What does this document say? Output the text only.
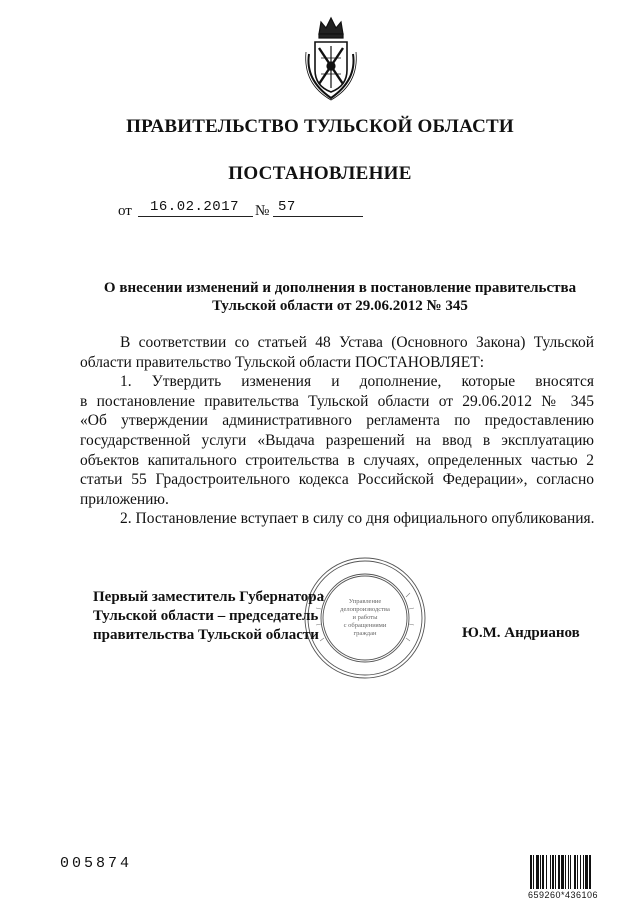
ПРАВИТЕЛЬСТВО ТУЛЬСКОЙ ОБЛАСТИ
ПОСТАНОВЛЕНИЕ
от 16.02.2017 № 57
О внесении изменений и дополнения в постановление правительства
Тульской области от 29.06.2012 № 345
В соответствии со статьей 48 Устава (Основного Закона) Тульской
области правительство Тульской области ПОСТАНОВЛЯЕТ:
1. Утвердить изменения и дополнение, которые вносятся
в постановление правительства Тульской области от 29.06.2012 № 345
«Об утверждении административного регламента по предоставлению
государственной услуги «Выдача разрешений на ввод в эксплуатацию
объектов капитального строительства в случаях, определенных частью 2
статьи 55 Градостроительного кодекса Российской Федерации», согласно
приложению.
2. Постановление вступает в силу со дня официального опубликования.
Управление
делопроизводства
и работы
с обращениями
граждан
Первый заместитель Губернатора
Тульской области – председатель
правительства Тульской области	Ю.М. Андрианов
005874
659260*436106
